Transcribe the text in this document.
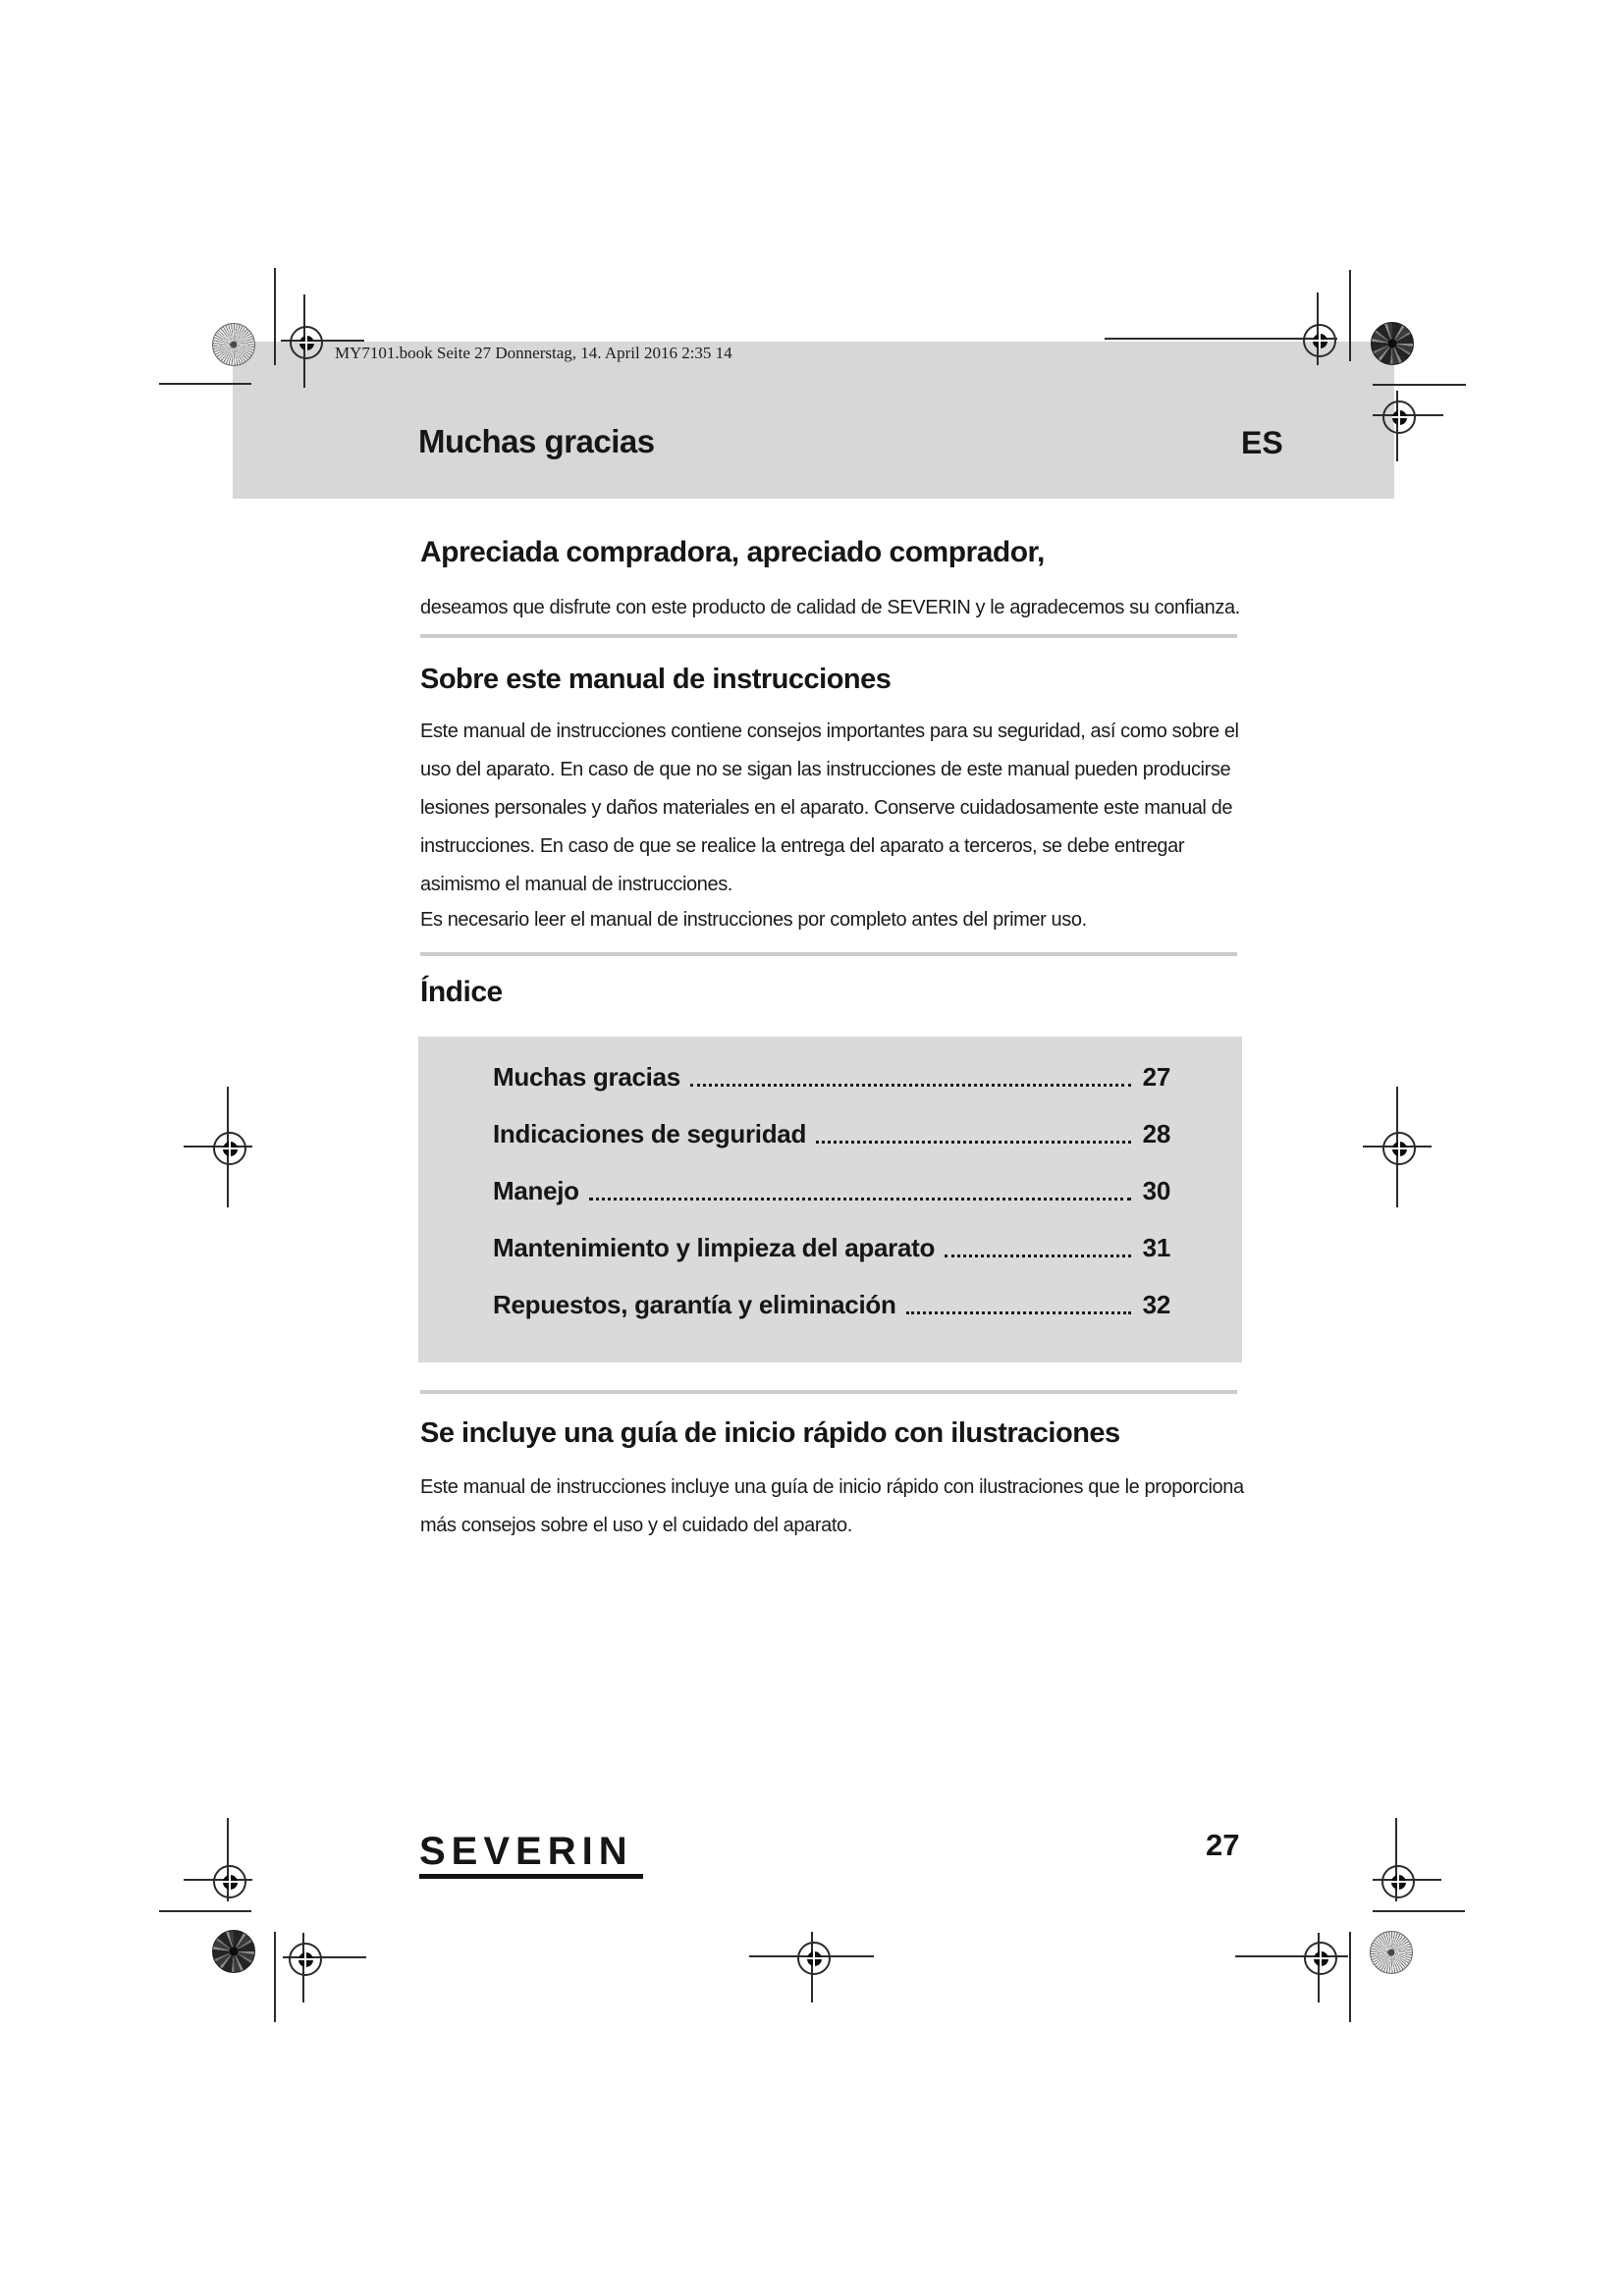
MY7101.book Seite 27 Donnerstag, 14. April 2016 2:35 14
Muchas gracias	ES
Apreciada compradora, apreciado comprador,
deseamos que disfrute con este producto de calidad de SEVERIN y le agradecemos su confianza.
Sobre este manual de instrucciones
Este manual de instrucciones contiene consejos importantes para su seguridad, así como sobre el uso del aparato. En caso de que no se sigan las instrucciones de este manual pueden producirse lesiones personales y daños materiales en el aparato. Conserve cuidadosamente este manual de instrucciones. En caso de que se realice la entrega del aparato a terceros, se debe entregar asimismo el manual de instrucciones.
Es necesario leer el manual de instrucciones por completo antes del primer uso.
Índice
Muchas gracias	27
Indicaciones de seguridad	28
Manejo	30
Mantenimiento y limpieza del aparato	31
Repuestos, garantía y eliminación	32
Se incluye una guía de inicio rápido con ilustraciones
Este manual de instrucciones incluye una guía de inicio rápido con ilustraciones que le proporciona más consejos sobre el uso y el cuidado del aparato.
SEVERIN	27
